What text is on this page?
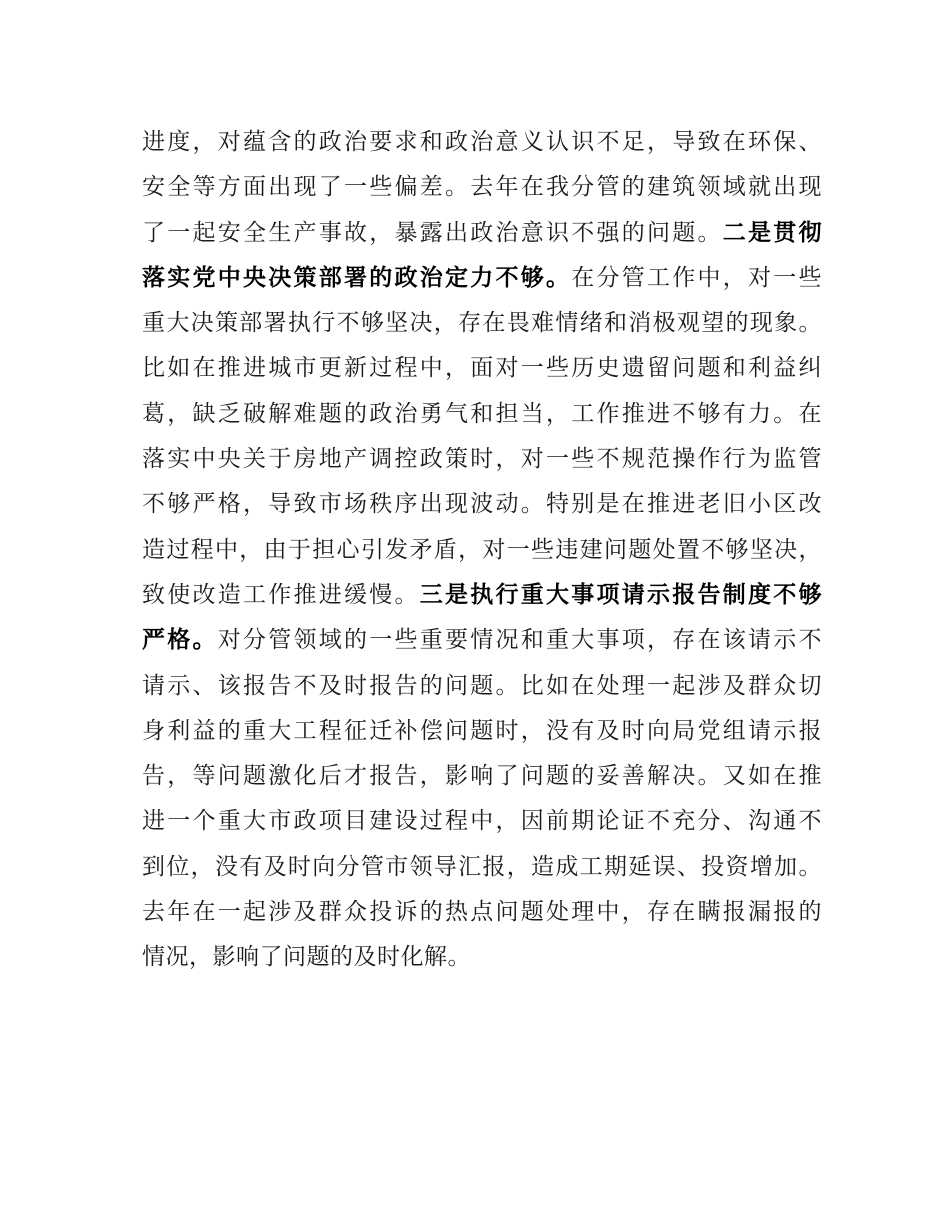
进度，对蕴含的政治要求和政治意义认识不足，导致在环保、
安全等方面出现了一些偏差。去年在我分管的建筑领域就出现
了一起安全生产事故，暴露出政治意识不强的问题。二是贯彻
落实党中央决策部署的政治定力不够。在分管工作中，对一些
重大决策部署执行不够坚决，存在畏难情绪和消极观望的现象。
比如在推进城市更新过程中，面对一些历史遗留问题和利益纠
葛，缺乏破解难题的政治勇气和担当，工作推进不够有力。在
落实中央关于房地产调控政策时，对一些不规范操作行为监管
不够严格，导致市场秩序出现波动。特别是在推进老旧小区改
造过程中，由于担心引发矛盾，对一些违建问题处置不够坚决，
致使改造工作推进缓慢。三是执行重大事项请示报告制度不够
严格。对分管领域的一些重要情况和重大事项，存在该请示不
请示、该报告不及时报告的问题。比如在处理一起涉及群众切
身利益的重大工程征迁补偿问题时，没有及时向局党组请示报
告，等问题激化后才报告，影响了问题的妥善解决。又如在推
进一个重大市政项目建设过程中，因前期论证不充分、沟通不
到位，没有及时向分管市领导汇报，造成工期延误、投资增加。
去年在一起涉及群众投诉的热点问题处理中，存在瞒报漏报的
情况，影响了问题的及时化解。
